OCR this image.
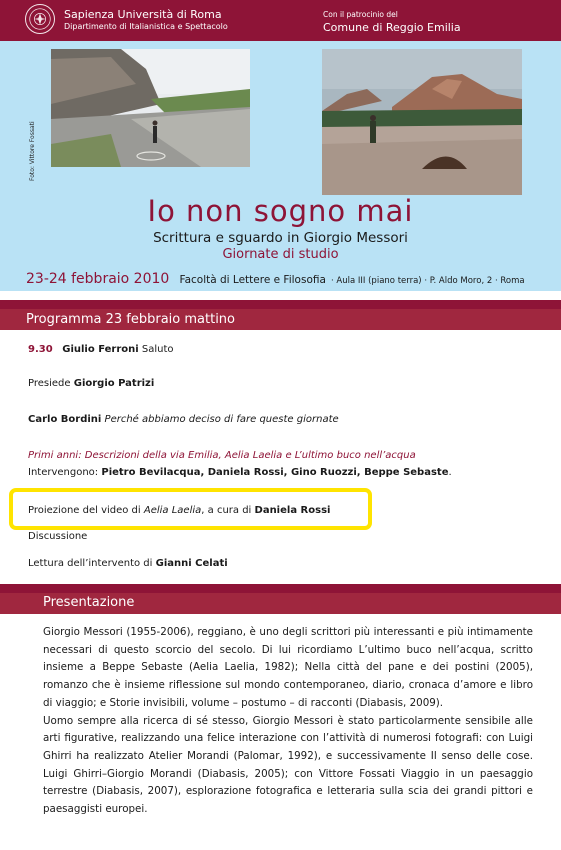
Sapienza Università di Roma
Dipartimento di Italianistica e Spettacolo
Con il patrocinio del
Comune di Reggio Emilia
Foto: Vittore Fossati
Io non sogno mai
Scrittura e sguardo in Giorgio Messori
Giornate di studio
23-24 febbraio 2010 Facoltà di Lettere e Filosofia · Aula III (piano terra) · P. Aldo Moro, 2 · Roma
Programma 23 febbraio mattino
9.30 Giulio Ferroni Saluto
Presiede Giorgio Patrizi
Carlo Bordini Perché abbiamo deciso di fare queste giornate
Primi anni: Descrizioni della via Emilia, Aelia Laelia e L’ultimo buco nell’acqua
Intervengono: Pietro Bevilacqua, Daniela Rossi, Gino Ruozzi, Beppe Sebaste.
Proiezione del video di Aelia Laelia, a cura di Daniela Rossi
Discussione
Lettura dell’intervento di Gianni Celati
Presentazione

Giorgio Messori (1955-2006), reggiano, è uno degli scrittori più interessanti e più intimamente necessari di questo scorcio del secolo. Di lui ricordiamo L’ultimo buco nell’acqua, scritto insieme a Beppe Sebaste (Aelia Laelia, 1982); Nella città del pane e dei postini (2005), romanzo che è insieme riflessione sul mondo contemporaneo, diario, cronaca d’amore e libro di viaggio; e Storie invisibili, volume – postumo – di racconti (Diabasis, 2009).

Uomo sempre alla ricerca di sé stesso, Giorgio Messori è stato particolarmente sensibile alle arti figurative, realizzando una felice interazione con l’attività di numerosi fotografi: con Luigi Ghirri ha realizzato Atelier Morandi (Palomar, 1992), e successivamente Il senso delle cose. Luigi Ghirri–Giorgio Morandi (Diabasis, 2005); con Vittore Fossati Viaggio in un paesaggio terrestre (Diabasis, 2007), esplorazione fotografica e letteraria sulla scia dei grandi pittori e paesaggisti europei.
